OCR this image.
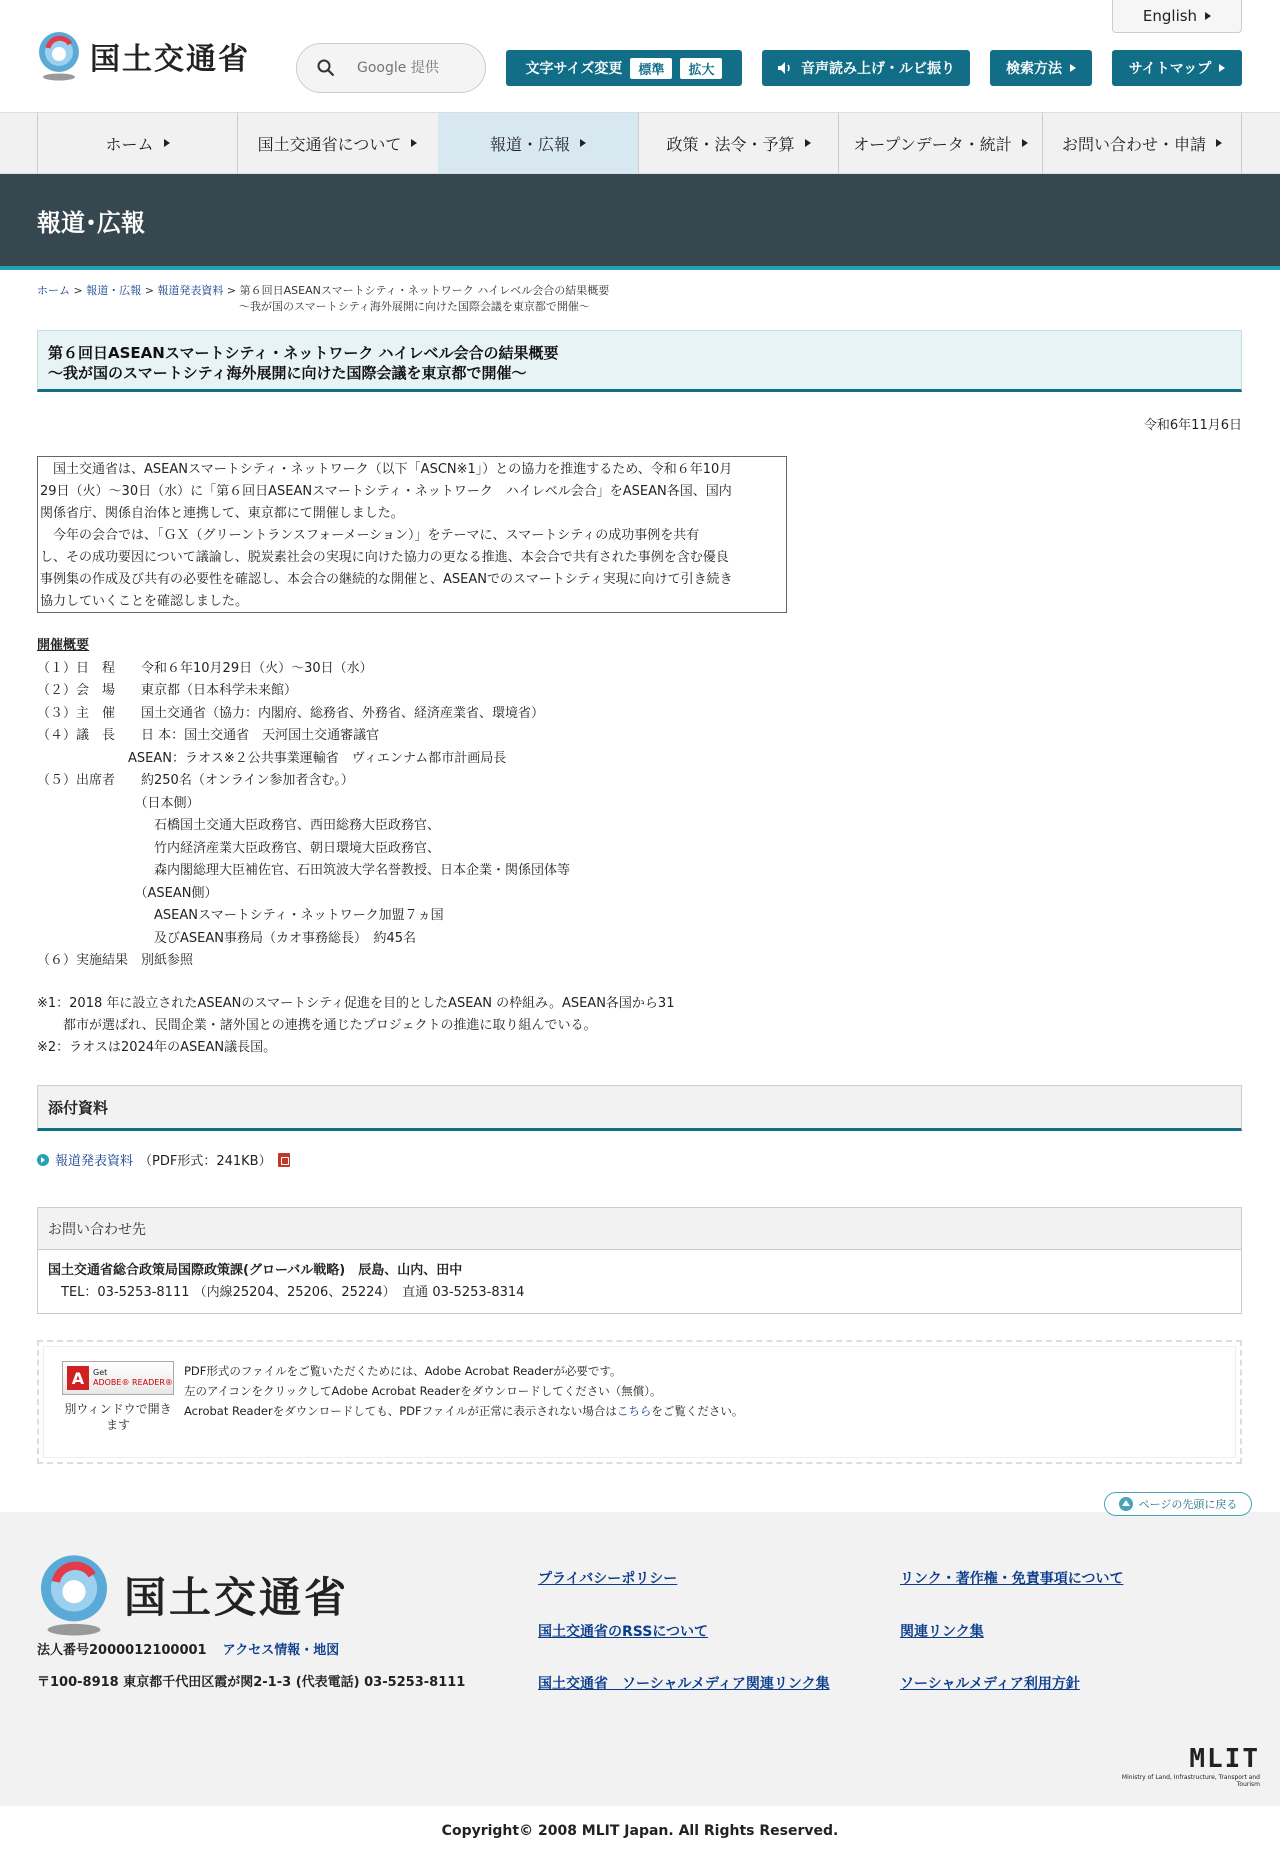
English
国土交通省
Google 提供	文字サイズ変更	標準	拡大	音声読み上げ・ルビ振り	検索方法	サイトマップ
ホーム	国土交通省について	報道・広報	政策・法令・予算	オープンデータ・統計	お問い合わせ・申請
報道･広報
ホーム > 報道・広報 > 報道発表資料 > 第６回日ASEANスマートシティ・ネットワーク ハイレベル会合の結果概要
～我が国のスマートシティ海外展開に向けた国際会議を東京都で開催～
第６回日ASEANスマートシティ・ネットワーク ハイレベル会合の結果概要
～我が国のスマートシティ海外展開に向けた国際会議を東京都で開催～
令和6年11月6日
　国土交通省は、ASEANスマートシティ・ネットワーク（以下「ASCN※1」）との協力を推進するため、令和６年10月
29日（火）～30日（水）に「第６回日ASEANスマートシティ・ネットワーク　ハイレベル会合」をASEAN各国、国内
関係省庁、関係自治体と連携して、東京都にて開催しました。
　今年の会合では、「ＧＸ（グリーントランスフォーメーション）」をテーマに、スマートシティの成功事例を共有
し、その成功要因について議論し、脱炭素社会の実現に向けた協力の更なる推進、本会合で共有された事例を含む優良
事例集の作成及び共有の必要性を確認し、本会合の継続的な開催と、ASEANでのスマートシティ実現に向けて引き続き
協力していくことを確認しました。
開催概要
（１）日　程　　令和６年10月29日（火）～30日（水）
（２）会　場　　東京都（日本科学未来館）
（３）主　催　　国土交通省（協力：内閣府、総務省、外務省、経済産業省、環境省）
（４）議　長　　日 本：国土交通省　天河国土交通審議官
　　　　　　　ASEAN：ラオス※２公共事業運輸省　ヴィエンナム都市計画局長
（５）出席者　　約250名（オンライン参加者含む。）
　　　　　　　　（日本側）
　　　　　　　　　石橋国土交通大臣政務官、西田総務大臣政務官、
　　　　　　　　　竹内経済産業大臣政務官、朝日環境大臣政務官、
　　　　　　　　　森内閣総理大臣補佐官、石田筑波大学名誉教授、日本企業・関係団体等
　　　　　　　　（ASEAN側）
　　　　　　　　　ASEANスマートシティ・ネットワーク加盟７ヵ国
　　　　　　　　　及びASEAN事務局（カオ事務総長）　約45名
（６）実施結果　別紙参照
※1：2018 年に設立されたASEANのスマートシティ促進を目的としたASEAN の枠組み。ASEAN各国から31
　　都市が選ばれ、民間企業・諸外国との連携を通じたプロジェクトの推進に取り組んでいる。
※2：ラオスは2024年のASEAN議長国。
添付資料
報道発表資料 （PDF形式：241KB）
お問い合わせ先
国土交通省総合政策局国際政策課(グローバル戦略)　辰島、山内、田中
　TEL：03-5253-8111 （内線25204、25206、25224）　直通 03-5253-8314
A	Get
ADOBE® READER®
別ウィンドウで開きます
PDF形式のファイルをご覧いただくためには、Adobe Acrobat Readerが必要です。
左のアイコンをクリックしてAdobe Acrobat Readerをダウンロードしてください（無償）。
Acrobat Readerをダウンロードしても、PDFファイルが正常に表示されない場合はこちらをご覧ください。
国土交通省
法人番号2000012100001 アクセス情報・地図
〒100-8918 東京都千代田区霞が関2-1-3 (代表電話) 03-5253-8111
プライバシーポリシー	リンク・著作権・免責事項について
国土交通省のRSSについて	関連リンク集
国土交通省　ソーシャルメディア関連リンク集	ソーシャルメディア利用方針
MLIT
Ministry of Land, Infrastructure, Transport and Tourism
ページの先頭に戻る
Copyright© 2008 MLIT Japan. All Rights Reserved.
